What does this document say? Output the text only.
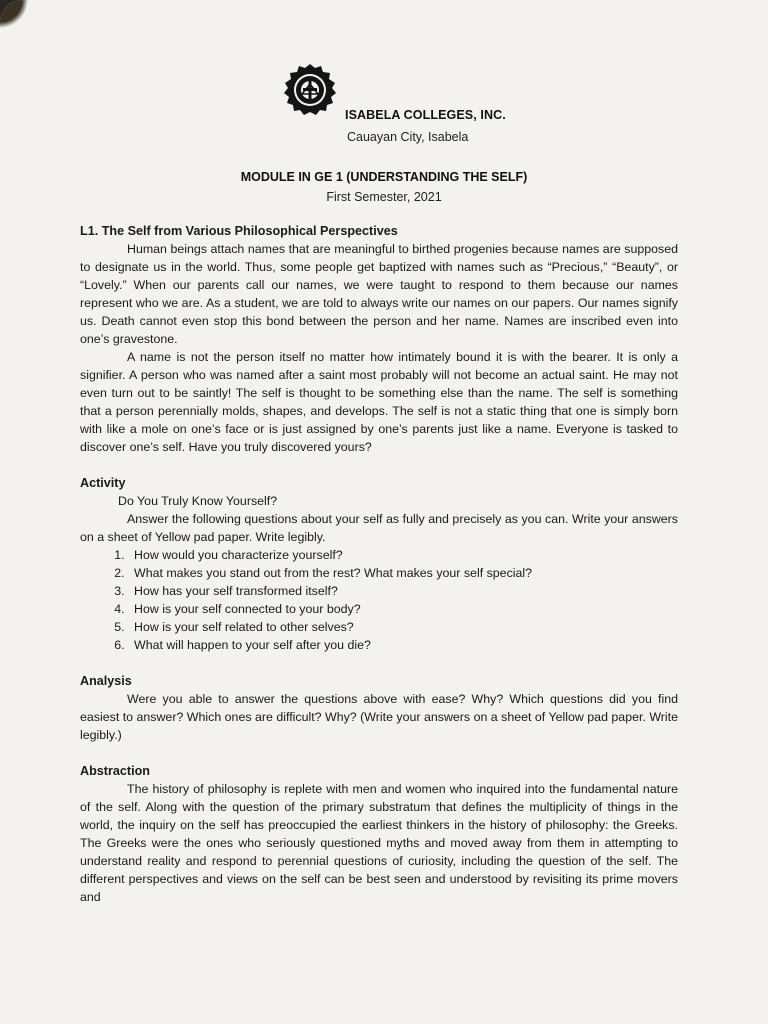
ISABELA COLLEGES, INC.
Cauayan City, Isabela
MODULE IN GE 1 (UNDERSTANDING THE SELF)
First Semester, 2021

L1. The Self from Various Philosophical Perspectives

Human beings attach names that are meaningful to birthed progenies because names are supposed to designate us in the world. Thus, some people get baptized with names such as “Precious,” “Beauty”, or “Lovely.” When our parents call our names, we were taught to respond to them because our names represent who we are. As a student, we are told to always write our names on our papers. Our names signify us. Death cannot even stop this bond between the person and her name. Names are inscribed even into one’s gravestone.

A name is not the person itself no matter how intimately bound it is with the bearer. It is only a signifier. A person who was named after a saint most probably will not become an actual saint. He may not even turn out to be saintly! The self is thought to be something else than the name. The self is something that a person perennially molds, shapes, and develops. The self is not a static thing that one is simply born with like a mole on one’s face or is just assigned by one’s parents just like a name. Everyone is tasked to discover one’s self. Have you truly discovered yours?

Activity

Do You Truly Know Yourself?

Answer the following questions about your self as fully and precisely as you can. Write your answers on a sheet of Yellow pad paper. Write legibly.

1. How would you characterize yourself?
2. What makes you stand out from the rest? What makes your self special?
3. How has your self transformed itself?
4. How is your self connected to your body?
5. How is your self related to other selves?
6. What will happen to your self after you die?

Analysis

Were you able to answer the questions above with ease? Why? Which questions did you find easiest to answer? Which ones are difficult? Why? (Write your answers on a sheet of Yellow pad paper. Write legibly.)

Abstraction

The history of philosophy is replete with men and women who inquired into the fundamental nature of the self. Along with the question of the primary substratum that defines the multiplicity of things in the world, the inquiry on the self has preoccupied the earliest thinkers in the history of philosophy: the Greeks. The Greeks were the ones who seriously questioned myths and moved away from them in attempting to understand reality and respond to perennial questions of curiosity, including the question of the self. The different perspectives and views on the self can be best seen and understood by revisiting its prime movers and
